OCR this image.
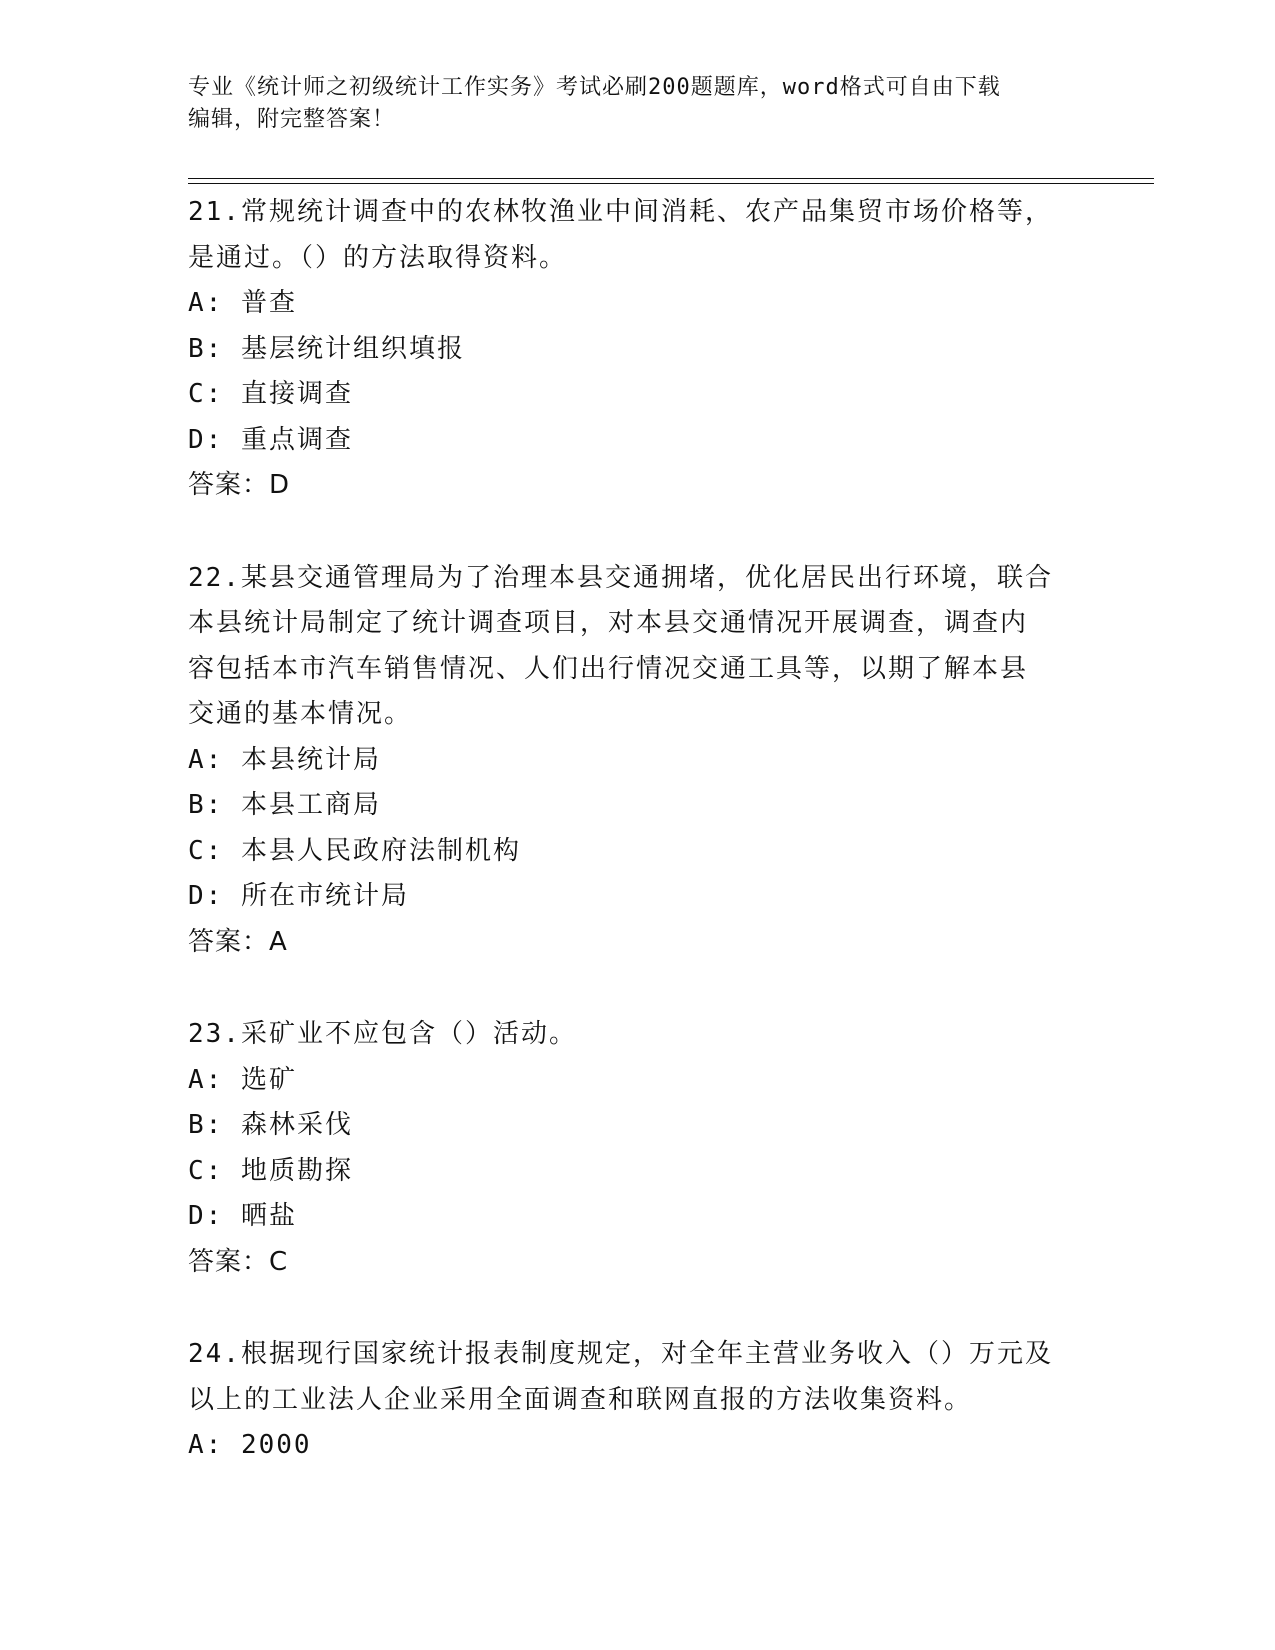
专业《统计师之初级统计工作实务》考试必刷200题题库，word格式可自由下载
编辑，附完整答案！
21.常规统计调查中的农林牧渔业中间消耗、农产品集贸市场价格等，
是通过。（）的方法取得资料。
A: 普查
B: 基层统计组织填报
C: 直接调查
D: 重点调查
答案：D
22.某县交通管理局为了治理本县交通拥堵，优化居民出行环境，联合
本县统计局制定了统计调查项目，对本县交通情况开展调查，调查内
容包括本市汽车销售情况、人们出行情况交通工具等，以期了解本县
交通的基本情况。
A: 本县统计局
B: 本县工商局
C: 本县人民政府法制机构
D: 所在市统计局
答案：A
23.采矿业不应包含（）活动。
A: 选矿
B: 森林采伐
C: 地质勘探
D: 晒盐
答案：C
24.根据现行国家统计报表制度规定，对全年主营业务收入（）万元及
以上的工业法人企业采用全面调查和联网直报的方法收集资料。
A: 2000
